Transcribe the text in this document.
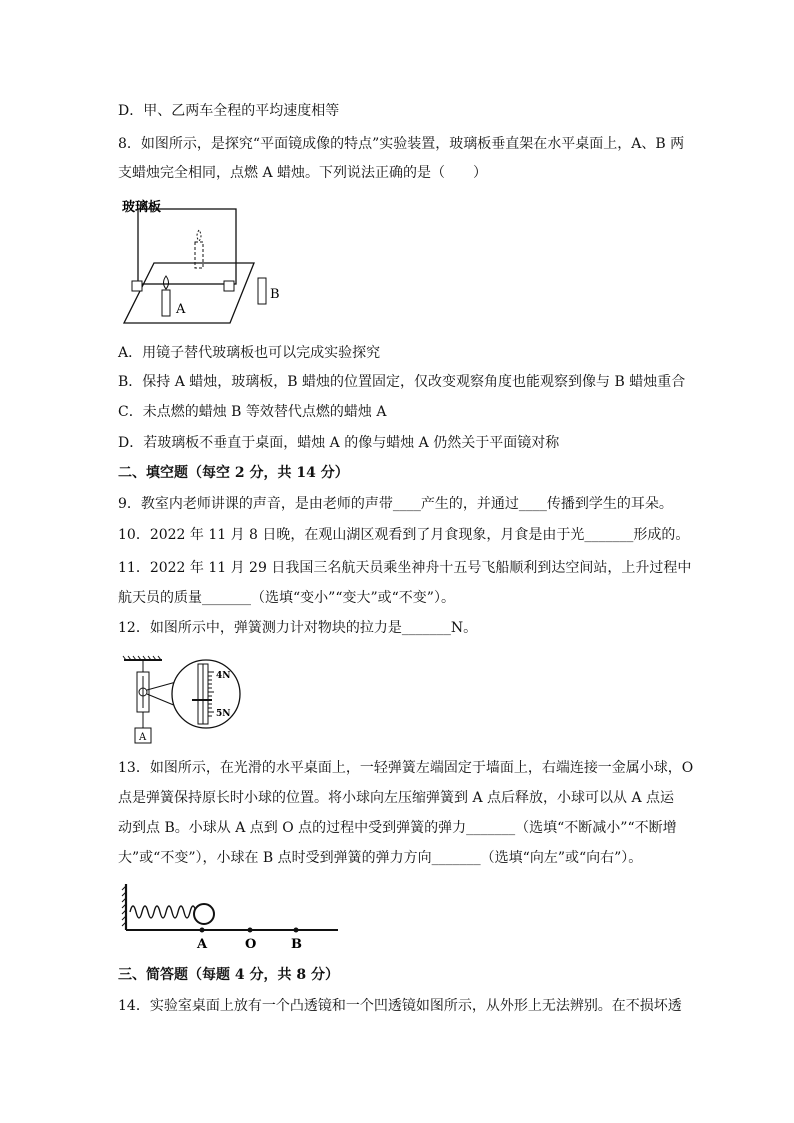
D．甲、乙两车全程的平均速度相等
8．如图所示，是探究“平面镜成像的特点”实验装置，玻璃板垂直架在水平桌面上，A、B 两
支蜡烛完全相同，点燃 A 蜡烛。下列说法正确的是（　　）
玻璃板
A
B
A．用镜子替代玻璃板也可以完成实验探究
B．保持 A 蜡烛，玻璃板，B 蜡烛的位置固定，仅改变观察角度也能观察到像与 B 蜡烛重合
C．未点燃的蜡烛 B 等效替代点燃的蜡烛 A
D．若玻璃板不垂直于桌面，蜡烛 A 的像与蜡烛 A 仍然关于平面镜对称
二、填空题（每空 2 分，共 14 分）
9．教室内老师讲课的声音，是由老师的声带____产生的，并通过____传播到学生的耳朵。
10．2022 年 11 月 8 日晚，在观山湖区观看到了月食现象，月食是由于光_______形成的。
11．2022 年 11 月 29 日我国三名航天员乘坐神舟十五号飞船顺利到达空间站，上升过程中
航天员的质量_______（选填“变小”“变大”或“不变”）。
12．如图所示中，弹簧测力计对物块的拉力是_______N。
4N
5N
A
13．如图所示，在光滑的水平桌面上，一轻弹簧左端固定于墙面上，右端连接一金属小球，O
点是弹簧保持原长时小球的位置。将小球向左压缩弹簧到 A 点后释放，小球可以从 A 点运
动到点 B。小球从 A 点到 O 点的过程中受到弹簧的弹力_______（选填“不断减小”“不断增
大”或“不变”），小球在 B 点时受到弹簧的弹力方向_______（选填“向左”或“向右”）。
A	O	B
三、简答题（每题 4 分，共 8 分）
14．实验室桌面上放有一个凸透镜和一个凹透镜如图所示，从外形上无法辨别。在不损坏透
